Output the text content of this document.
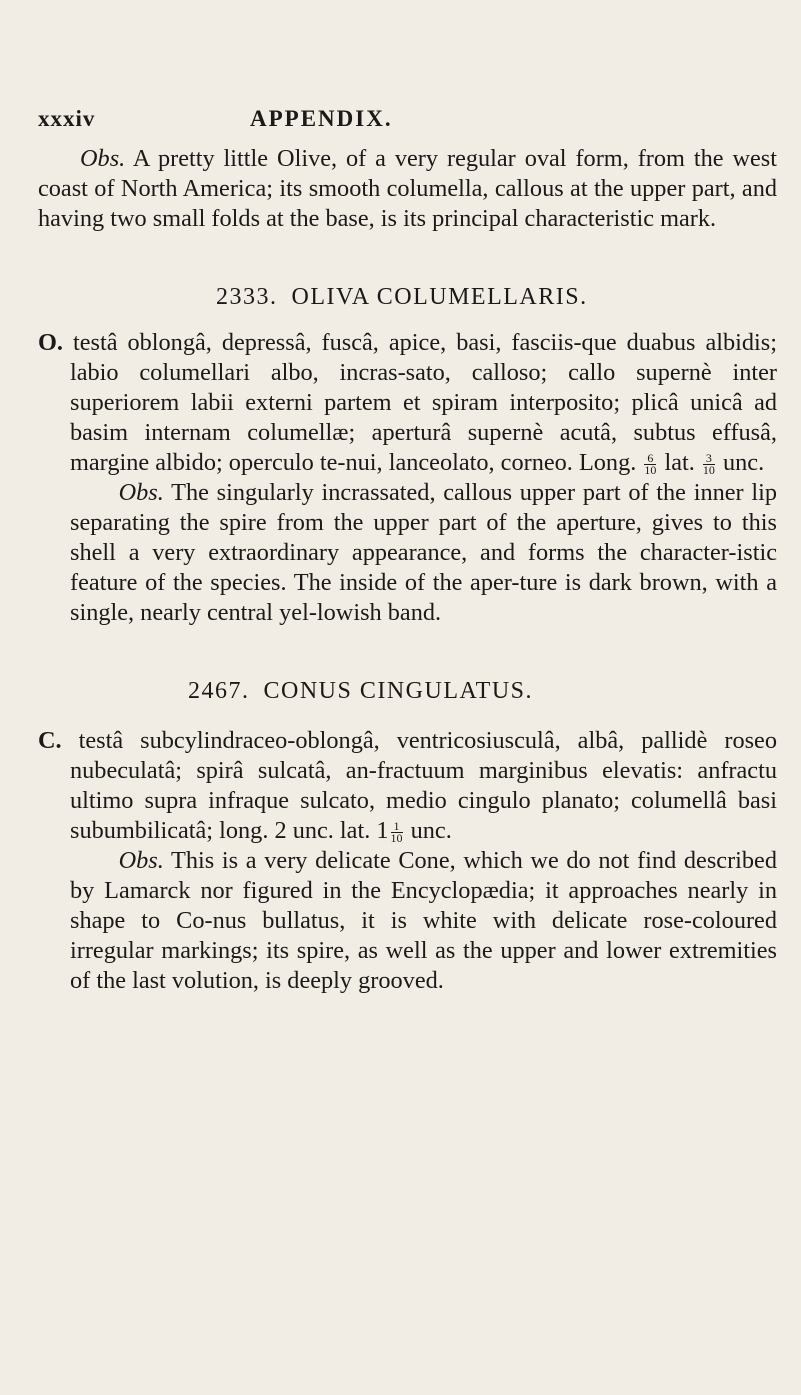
xxxiv	APPENDIX.

Obs. A pretty little Olive, of a very regular oval form, from the west coast of North America; its smooth columella, callous at the upper part, and having two small folds at the base, is its principal characteristic mark.

2333. OLIVA COLUMELLARIS.

O. testâ oblongâ, depressâ, fuscâ, apice, basi, fasciis-que duabus albidis; labio columellari albo, incras-sato, calloso; callo supernè inter superiorem labii externi partem et spiram interposito; plicâ unicâ ad basim internam columellæ; aperturâ supernè acutâ, subtus effusâ, margine albido; operculo te-nui, lanceolato, corneo. Long. $\frac{6}{10}$ lat. $\frac{3}{10}$ unc.
  Obs. The singularly incrassated, callous upper part of the inner lip separating the spire from the upper part of the aperture, gives to this shell a very extraordinary appearance, and forms the character-istic feature of the species. The inside of the aper-ture is dark brown, with a single, nearly central yel-lowish band.

2467. CONUS CINGULATUS.

C. testâ subcylindraceo-oblongâ, ventricosiusculâ, albâ, pallidè roseo nubeculatâ; spirâ sulcatâ, an-fractuum marginibus elevatis: anfractu ultimo supra infraque sulcato, medio cingulo planato; columellâ basi subumbilicatâ; long. 2 unc. lat. $1 \frac{1}{10}$ unc.
  Obs. This is a very delicate Cone, which we do not find described by Lamarck nor figured in the Encyclopædia; it approaches nearly in shape to Co-nus bullatus, it is white with delicate rose-coloured irregular markings; its spire, as well as the upper and lower extremities of the last volution, is deeply grooved.
